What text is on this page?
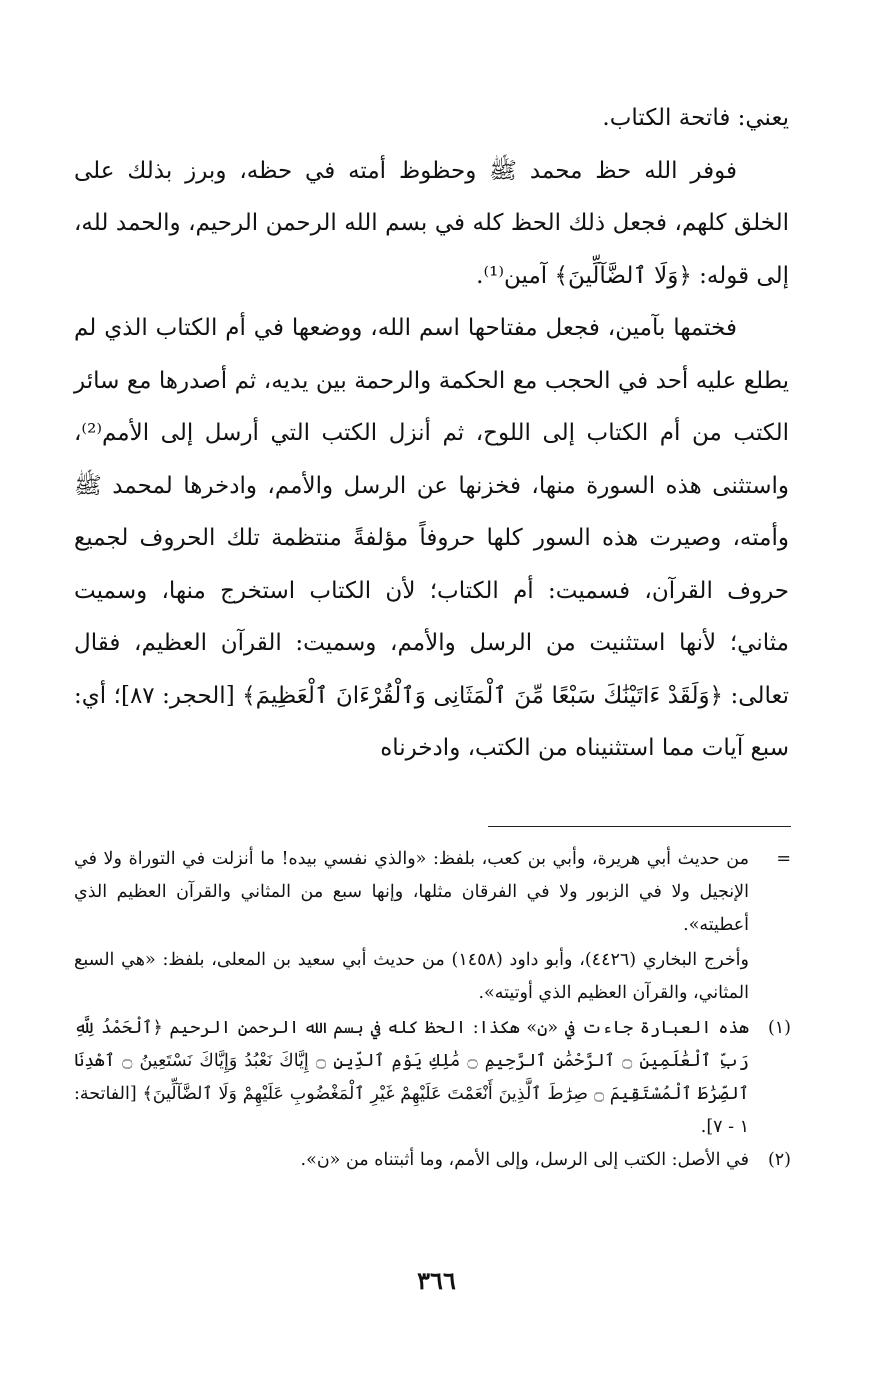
يعني: فاتحة الكتاب.

فوفر الله حظ محمد ﷺ وحظوظ أمته في حظه، وبرز بذلك على الخلق كلهم، فجعل ذلك الحظ كله في بسم الله الرحمن الرحيم، والحمد لله، إلى قوله: ﴿وَلَا ٱلضَّآلِّينَ﴾ آمين⁽¹⁾.

فختمها بآمين، فجعل مفتاحها اسم الله، ووضعها في أم الكتاب الذي لم يطلع عليه أحد في الحجب مع الحكمة والرحمة بين يديه، ثم أصدرها مع سائر الكتب من أم الكتاب إلى اللوح، ثم أنزل الكتب التي أرسل إلى الأمم⁽²⁾، واستثنى هذه السورة منها، فخزنها عن الرسل والأمم، وادخرها لمحمد ﷺ وأمته، وصيرت هذه السور كلها حروفاً مؤلفةً منتظمة تلك الحروف لجميع حروف القرآن، فسميت: أم الكتاب؛ لأن الكتاب استخرج منها، وسميت مثاني؛ لأنها استثنيت من الرسل والأمم، وسميت: القرآن العظيم، فقال تعالى: ﴿وَلَقَدْ ءَاتَيْنَٰكَ سَبْعًا مِّنَ ٱلْمَثَانِى وَٱلْقُرْءَانَ ٱلْعَظِيمَ﴾ [الحجر: ٨٧]؛ أي: سبع آيات مما استثنيناه من الكتب، وادخرناه

=
من حديث أبي هريرة، وأبي بن كعب، بلفظ: «والذي نفسي بيده! ما أنزلت في التوراة ولا في الإنجيل ولا في الزبور ولا في الفرقان مثلها، وإنها سبع من المثاني والقرآن العظيم الذي أعطيته».
وأخرج البخاري (٤٤٢٦)، وأبو داود (١٤٥٨) من حديث أبي سعيد بن المعلى، بلفظ: «هي السبع المثاني، والقرآن العظيم الذي أوتيته».
(١)
هذه العبارة جاءت في «ن» هكذا: الحظ كله في بسم الله الرحمن الرحيم ﴿ٱلْحَمْدُ لِلَّهِ رَبِّ ٱلْعَٰلَمِينَ ۝ ٱلرَّحْمَٰنِ ٱلرَّحِيمِ ۝ مَٰلِكِ يَوْمِ ٱلدِّينِ ۝ إِيَّاكَ نَعْبُدُ وَإِيَّاكَ نَسْتَعِينُ ۝ ٱهْدِنَا ٱلصِّرَٰطَ ٱلْمُسْتَقِيمَ ۝ صِرَٰطَ ٱلَّذِينَ أَنْعَمْتَ عَلَيْهِمْ غَيْرِ ٱلْمَغْضُوبِ عَلَيْهِمْ وَلَا ٱلضَّآلِّينَ﴾ [الفاتحة: ١ - ٧].
(٢)
في الأصل: الكتب إلى الرسل، وإلى الأمم، وما أثبتناه من «ن».
٣٦٦
